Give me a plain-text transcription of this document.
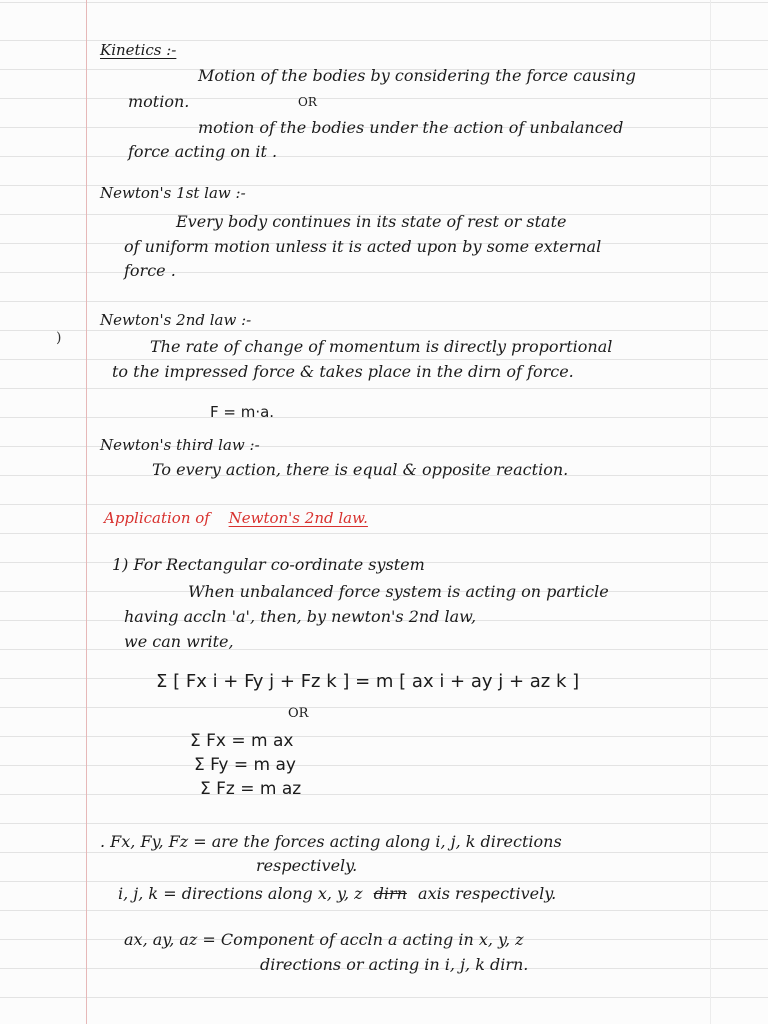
)
Kinetics :-
Motion of the bodies by considering the force causing
motion.	OR
motion of the bodies under the action of unbalanced
force acting on it .
Newton's 1st law :-
Every body continues in its state of rest or state
of uniform motion unless it is acted upon by some external
force .
Newton's 2nd law :-
The rate of change of momentum is directly proportional
to the impressed force & takes place in the dirn of force.
F = m·a.
Newton's third law :-
To every action, there is equal & opposite reaction.
Application of Newton's 2nd law.
1) For Rectangular co-ordinate system
When unbalanced force system is acting on particle
having accln 'a', then, by newton's 2nd law,
we can write,
Σ [ Fx i + Fy j + Fz k ] = m [ ax i + ay j + az k ]
OR
Σ Fx = m ax
Σ Fy = m ay
Σ Fz = m az
. Fx, Fy, Fz = are the forces acting along i, j, k directions
respectively.
i, j, k = directions along x, y, z dirn axis respectively.
ax, ay, az = Component of accln a acting in x, y, z
directions or acting in i, j, k dirn.
